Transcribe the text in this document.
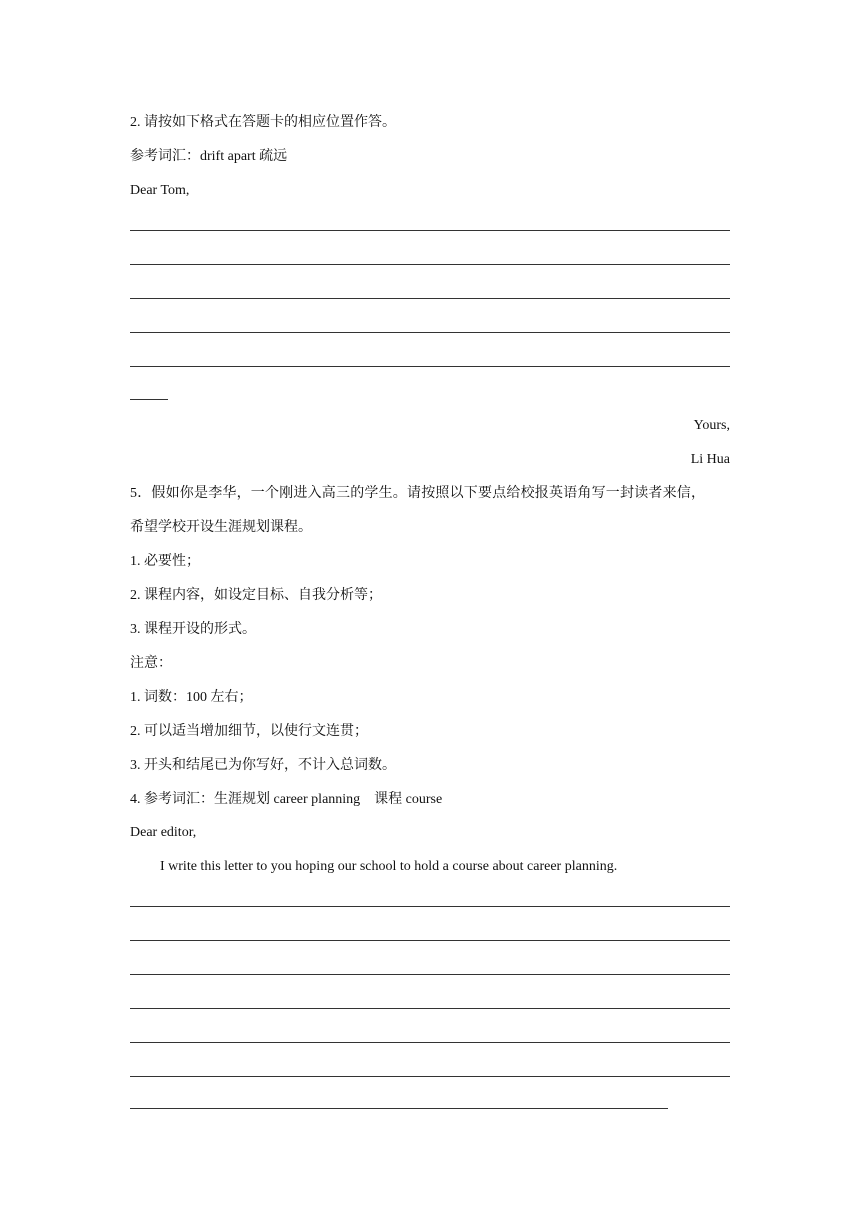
2. 请按如下格式在答题卡的相应位置作答。
参考词汇：drift apart 疏远
Dear Tom,
Yours,
Li Hua
5．假如你是李华，一个刚进入高三的学生。请按照以下要点给校报英语角写一封读者来信，
希望学校开设生涯规划课程。
1. 必要性；
2. 课程内容，如设定目标、自我分析等；
3. 课程开设的形式。
注意：
1. 词数：100 左右；
2. 可以适当增加细节，以使行文连贯；
3. 开头和结尾已为你写好，不计入总词数。
4. 参考词汇：生涯规划 career planning    课程 course
Dear editor,
I write this letter to you hoping our school to hold a course about career planning.
